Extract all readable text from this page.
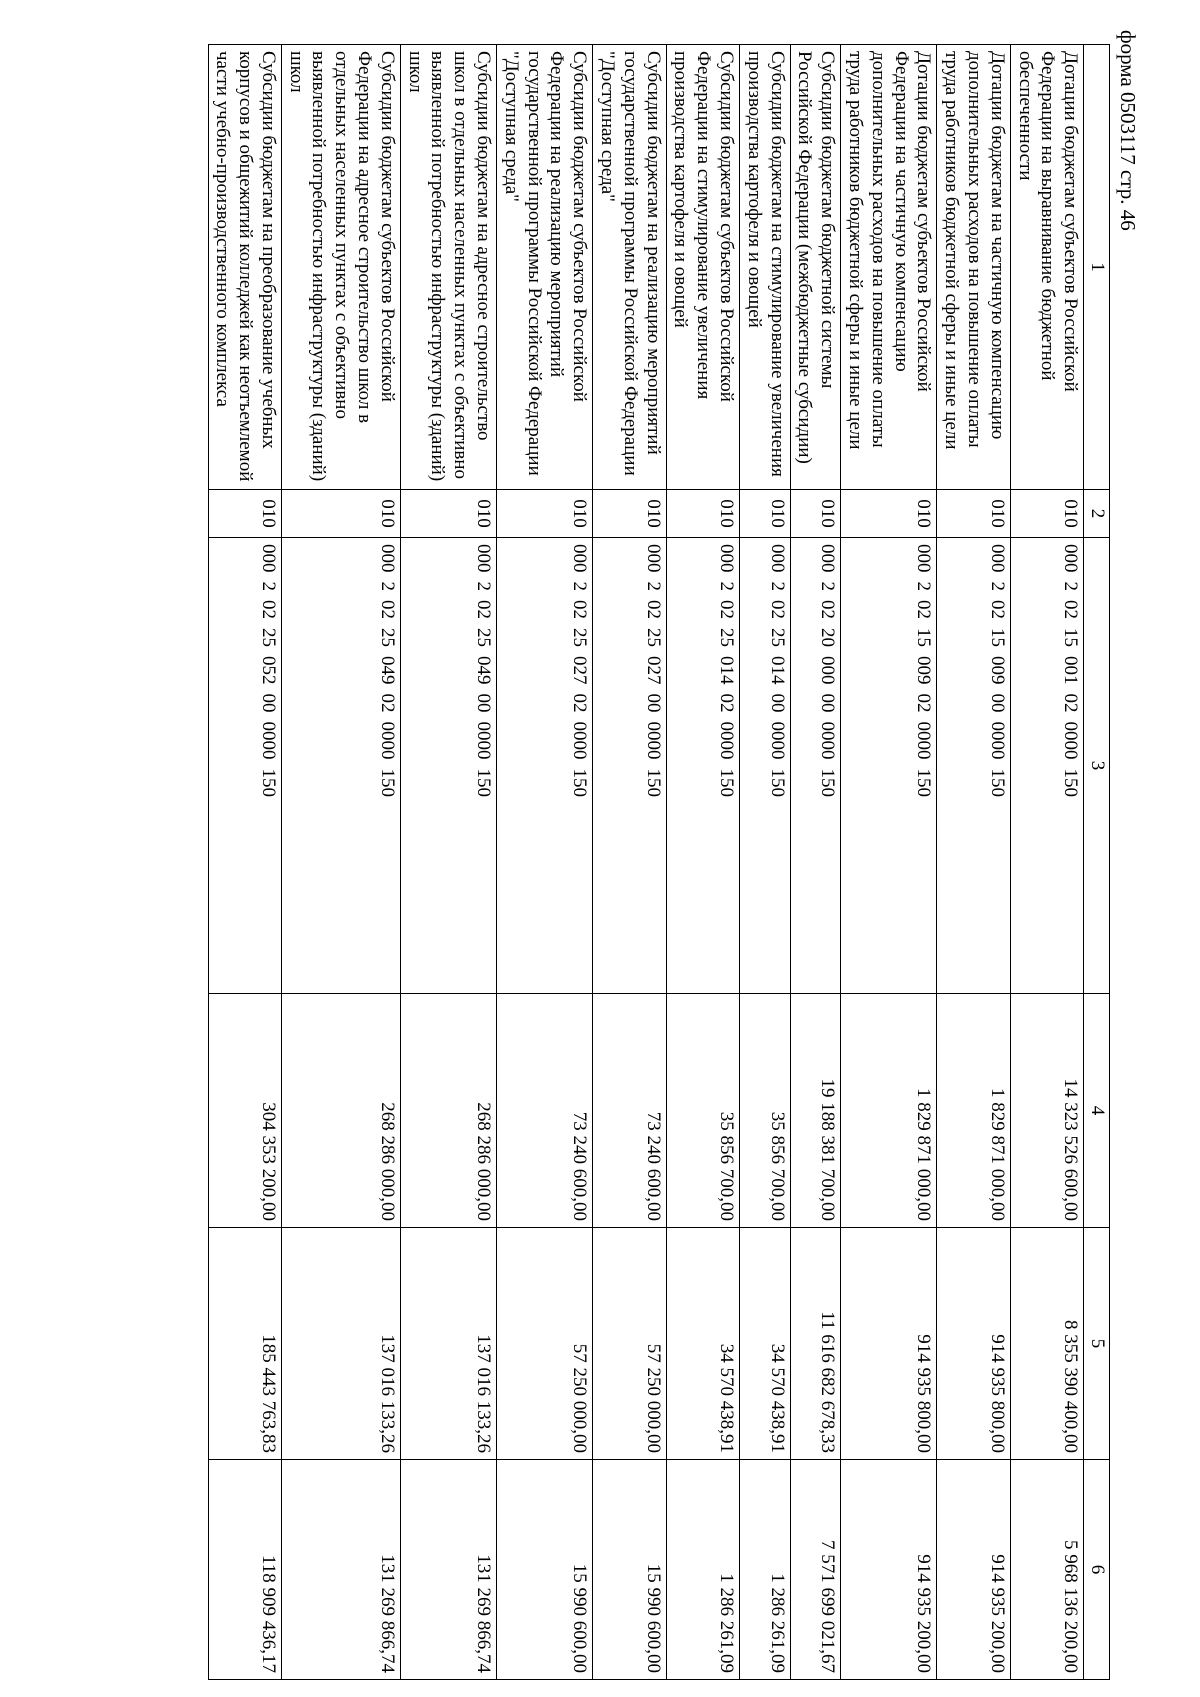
форма 0503117 стр. 46
1	2	3	4	5	6
Дотации бюджетам субъектов Российской Федерации на выравнивание бюджетной обеспеченности	010	00020215001020000150	14 323 526 600,00	8 355 390 400,00	5 968 136 200,00
Дотации бюджетам на частичную компенсацию дополнительных расходов на повышение оплаты труда работников бюджетной сферы и иные цели	010	00020215009000000150	1 829 871 000,00	914 935 800,00	914 935 200,00
Дотации бюджетам субъектов Российской Федерации на частичную компенсацию дополнительных расходов на повышение оплаты труда работников бюджетной сферы и иные цели	010	00020215009020000150	1 829 871 000,00	914 935 800,00	914 935 200,00
Субсидии бюджетам бюджетной системы Российской Федерации (межбюджетные субсидии)	010	00020220000000000150	19 188 381 700,00	11 616 682 678,33	7 571 699 021,67
Субсидии бюджетам на стимулирование увеличения производства картофеля и овощей	010	00020225014000000150	35 856 700,00	34 570 438,91	1 286 261,09
Субсидии бюджетам субъектов Российской Федерации на стимулирование увеличения производства картофеля и овощей	010	00020225014020000150	35 856 700,00	34 570 438,91	1 286 261,09
Субсидии бюджетам на реализацию мероприятий государственной программы Российской Федерации "Доступная среда"	010	00020225027000000150	73 240 600,00	57 250 000,00	15 990 600,00
Субсидии бюджетам субъектов Российской Федерации на реализацию мероприятий государственной программы Российской Федерации "Доступная среда"	010	00020225027020000150	73 240 600,00	57 250 000,00	15 990 600,00
Субсидии бюджетам на адресное строительство школ в отдельных населенных пунктах с объективно выявленной потребностью инфраструктуры (зданий) школ	010	00020225049000000150	268 286 000,00	137 016 133,26	131 269 866,74
Субсидии бюджетам субъектов Российской Федерации на адресное строительство школ в отдельных населенных пунктах с объективно выявленной потребностью инфраструктуры (зданий) школ	010	00020225049020000150	268 286 000,00	137 016 133,26	131 269 866,74
Субсидии бюджетам на преобразование учебных корпусов и общежитий колледжей как неотъемлемой части учебно-производственного комплекса	010	00020225052000000150	304 353 200,00	185 443 763,83	118 909 436,17
